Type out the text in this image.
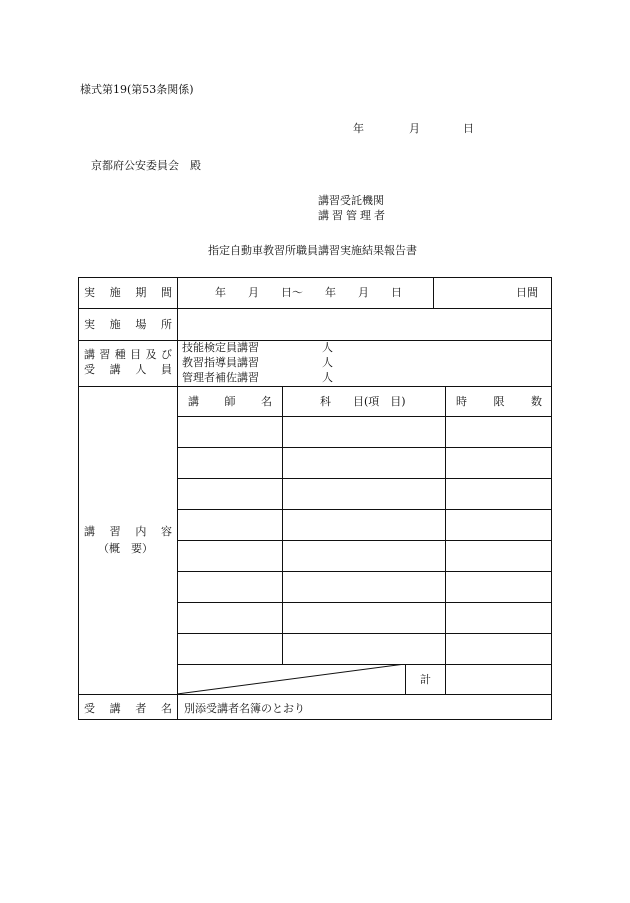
様式第19(第53条関係)
年	月	日
京都府公安委員会　殿
講習受託機関
講習管理者
指定自動車教習所職員講習実施結果報告書
実 施 期 間	年　　月　　日〜　　年　　月　　日	日間
実 施 場 所
講 習 種 目 及 び
受 講 人 員
技能検定員講習	人
教習指導員講習	人
管理者補佐講習	人
講 習 内 容
（概　要）
講 師 名	科　　目(項　目)	時 限 数
計
受 講 者 名 別添受講者名簿のとおり
